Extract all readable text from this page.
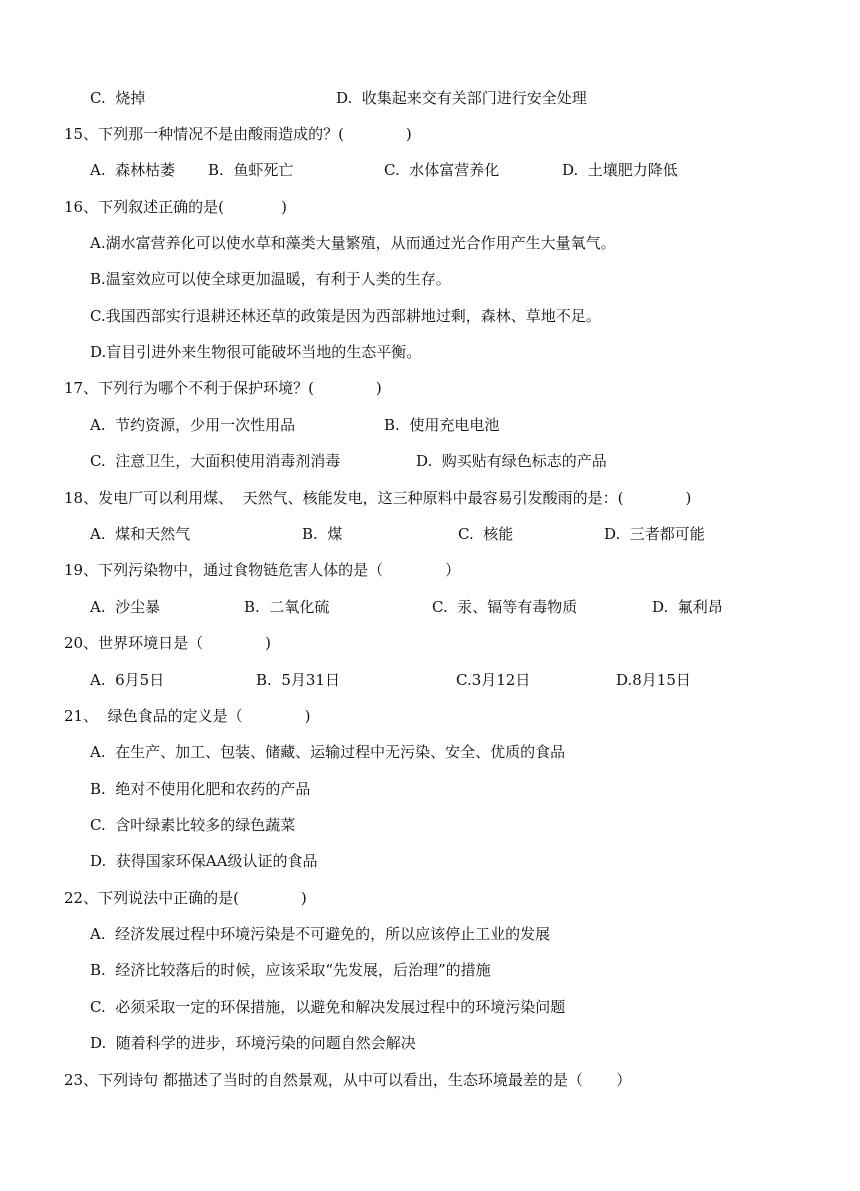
C.  烧掉

	D.  收集起来交有关部门进行安全处理

15、下列那一种情况不是由酸雨造成的？(             )

A.  森林枯萎

B.  鱼虾死亡

	C.  水体富营养化

	D.  土壤肥力降低

16、下列叙述正确的是(            )
A.湖水富营养化可以使水草和藻类大量繁殖，从而通过光合作用产生大量氧气。
B.温室效应可以使全球更加温暖，有利于人类的生存。
C.我国西部实行退耕还林还草的政策是因为西部耕地过剩，森林、草地不足。
D.盲目引进外来生物很可能破坏当地的生态平衡。
17、下列行为哪个不利于保护环境？(             )

A.  节约资源，少用一次性用品

	B.  使用充电电池

C.  注意卫生，大面积使用消毒剂消毒

	D.  购买贴有绿色标志的产品

18、发电厂可以利用煤、  天然气、核能发电，这三种原料中最容易引发酸雨的是：(             )

A.  煤和天然气

	B.  煤

	C.  核能

	D.  三者都可能

19、下列污染物中，通过食物链危害人体的是（             ）

A.  沙尘暴

	B.  二氧化硫

	C.  汞、镉等有毒物质

	D.  氟利昂

20、世界环境日是（             )

A.  6月5日

	B.  5月31日

	C.3月12日

	D.8月15日

21、  绿色食品的定义是（             )
A.  在生产、加工、包装、储藏、运输过程中无污染、安全、优质的食品
B.  绝对不使用化肥和农药的产品
C.  含叶绿素比较多的绿色蔬菜
D.  获得国家环保AA级认证的食品
22、下列说法中正确的是(             )
A.  经济发展过程中环境污染是不可避免的，所以应该停止工业的发展
B.  经济比较落后的时候，应该采取“先发展，后治理”的措施
C.  必须采取一定的环保措施，以避免和解决发展过程中的环境污染问题
D.  随着科学的进步，环境污染的问题自然会解决
23、下列诗句 都描述了当时的自然景观，从中可以看出，生态环境最差的是（       ）
